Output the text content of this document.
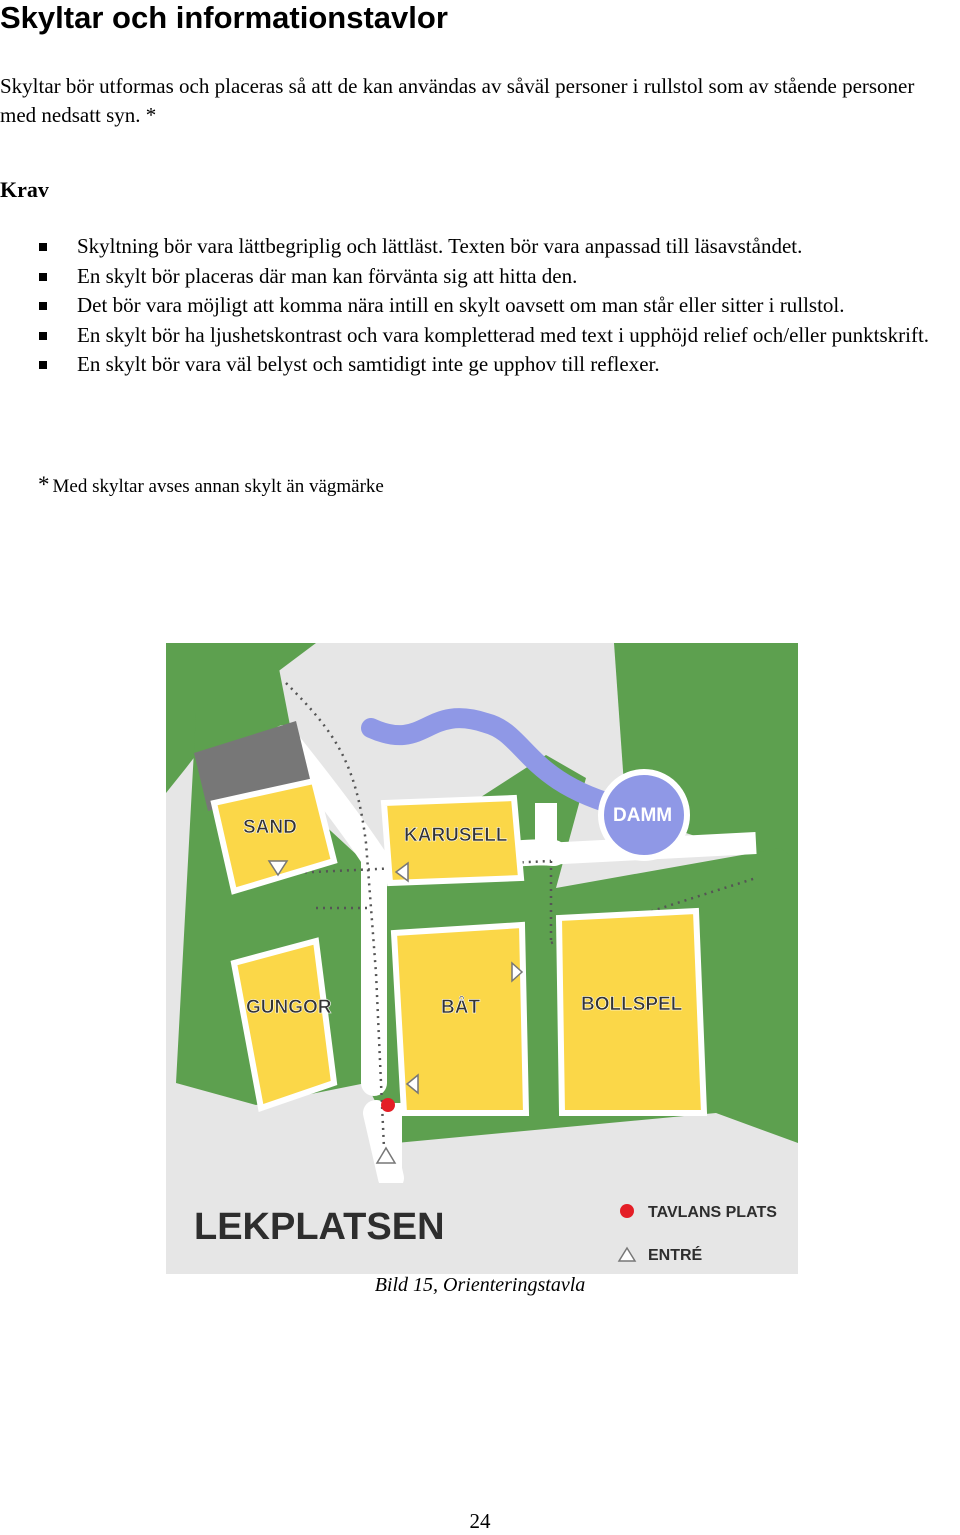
Skyltar och informationstavlor

Skyltar bör utformas och placeras så att de kan användas av såväl personer i rullstol som av stående personer med nedsatt syn. *

Krav
Skyltning bör vara lättbegriplig och lättläst. Texten bör vara anpassad till läsavståndet.
En skylt bör placeras där man kan förvänta sig att hitta den.
Det bör vara möjligt att komma nära intill en skylt oavsett om man står eller sitter i rullstol.
En skylt bör ha ljushetskontrast och vara kompletterad med text i upphöjd relief och/eller punktskrift.
En skylt bör vara väl belyst och samtidigt inte ge upphov till reflexer.

* Med skyltar avses annan skylt än vägmärke

SAND	KARUSELL
DAMM
GUNGOR	BÅT	BOLLSPEL
LEKPLATSEN	TAVLANS PLATS
ENTRÉ

Bild 15, Orienteringstavla

24
